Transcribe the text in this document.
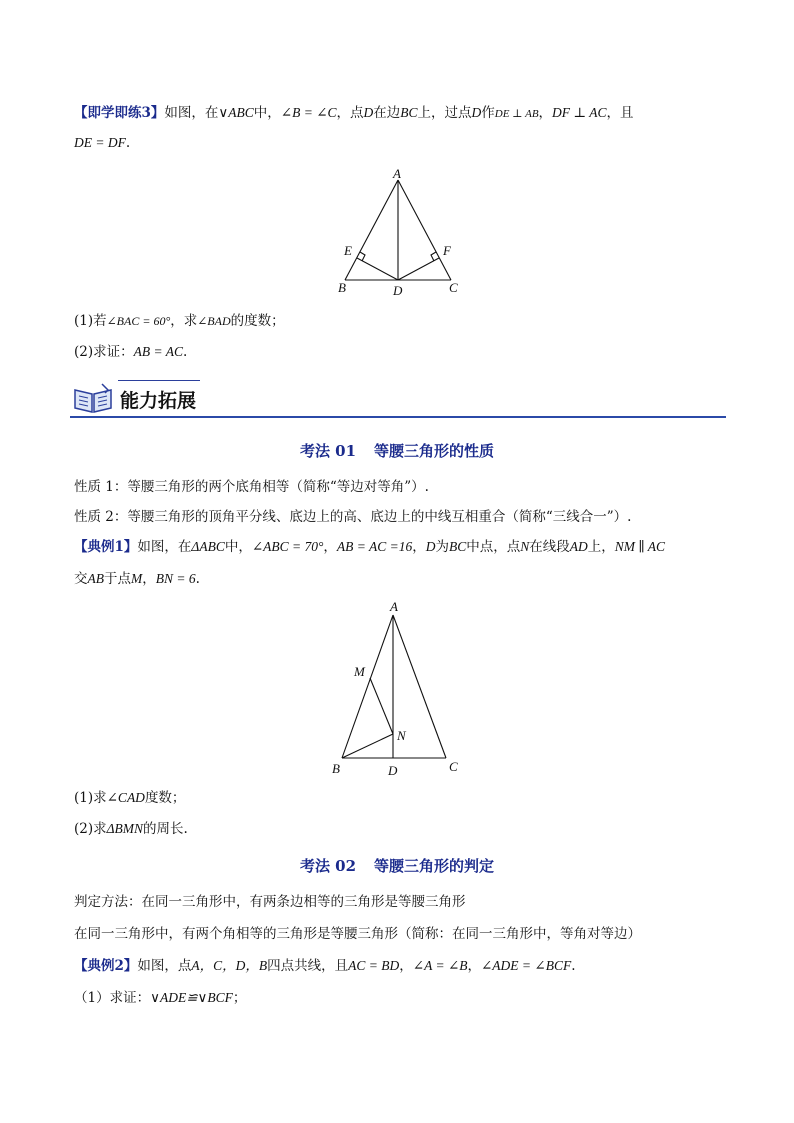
【即学即练3】如图，在∨ABC中，∠B = ∠C，点D在边BC上，过点D作DE ⊥ AB，DF ⊥ AC，且
DE = DF.
A
B	C
D
E	F
(1)若∠BAC = 60°，求∠BAD的度数；
(2)求证：AB = AC.
能力拓展
考法 01 等腰三角形的性质
性质 1：等腰三角形的两个底角相等（简称“等边对等角”）.
性质 2：等腰三角形的顶角平分线、底边上的高、底边上的中线互相重合（简称“三线合一”）.
【典例1】如图，在ΔABC中，∠ABC = 70°，AB = AC =16，D为BC中点，点N在线段AD上，NM ∥ AC
交AB于点M，BN = 6.
A
B	C
D
M
N
(1)求∠CAD度数；
(2)求ΔBMN的周长.
考法 02 等腰三角形的判定
判定方法：在同一三角形中，有两条边相等的三角形是等腰三角形
在同一三角形中，有两个角相等的三角形是等腰三角形（简称：在同一三角形中，等角对等边）
【典例2】如图，点A，C，D，B四点共线，且AC = BD，∠A = ∠B，∠ADE = ∠BCF.
（1）求证：∨ADE≌∨BCF；
